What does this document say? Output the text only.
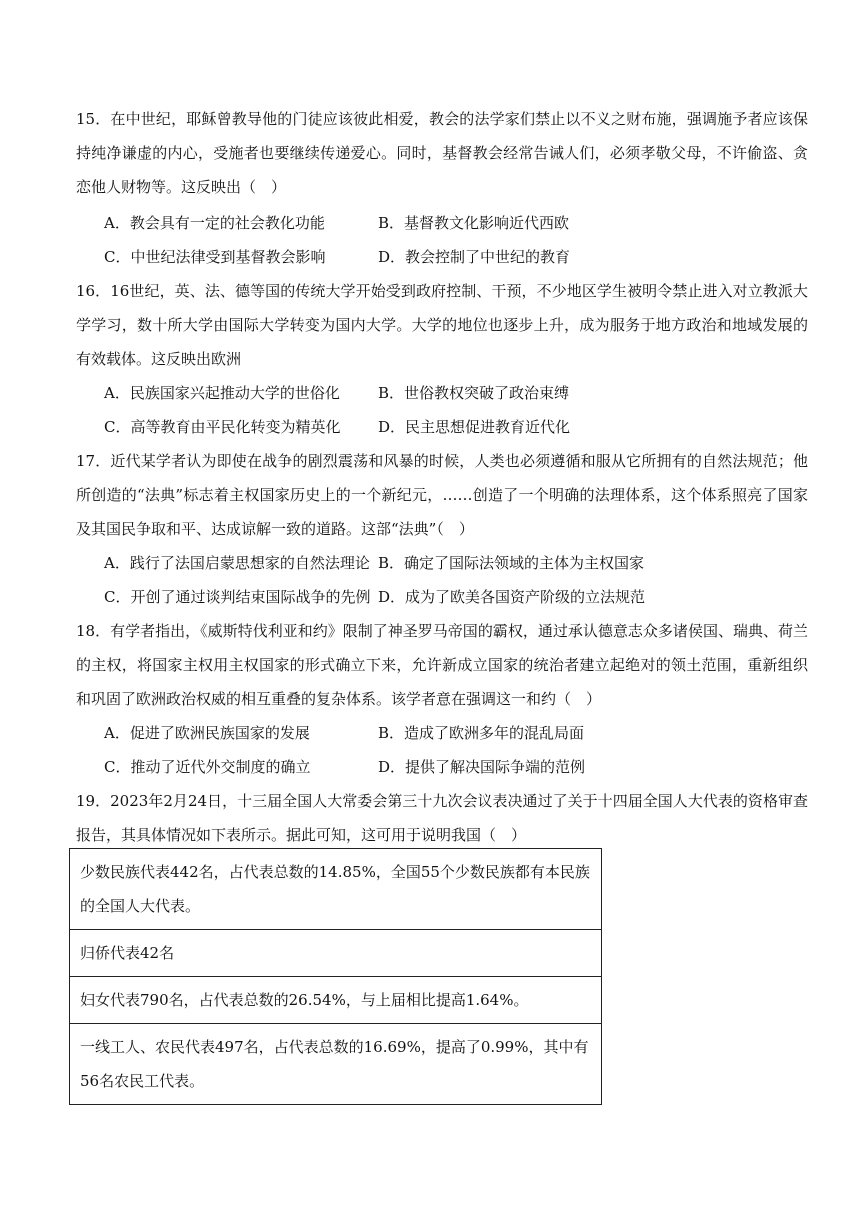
15．在中世纪，耶稣曾教导他的门徒应该彼此相爱，教会的法学家们禁止以不义之财布施，强调施予者应该保持纯净谦虚的内心，受施者也要继续传递爱心。同时，基督教会经常告诫人们，必须孝敬父母，不许偷盗、贪恋他人财物等。这反映出（　）

A．教会具有一定的社会教化功能	B．基督教文化影响近代西欧
C．中世纪法律受到基督教会影响	D．教会控制了中世纪的教育

16．16世纪，英、法、德等国的传统大学开始受到政府控制、干预，不少地区学生被明令禁止进入对立教派大学学习，数十所大学由国际大学转变为国内大学。大学的地位也逐步上升，成为服务于地方政治和地域发展的有效载体。这反映出欧洲

A．民族国家兴起推动大学的世俗化	B．世俗教权突破了政治束缚
C．高等教育由平民化转变为精英化	D．民主思想促进教育近代化

17．近代某学者认为即使在战争的剧烈震荡和风暴的时候，人类也必须遵循和服从它所拥有的自然法规范；他所创造的“法典”标志着主权国家历史上的一个新纪元，……创造了一个明确的法理体系，这个体系照亮了国家及其国民争取和平、达成谅解一致的道路。这部“法典”（　）

A．践行了法国启蒙思想家的自然法理论 B．确定了国际法领域的主体为主权国家
C．开创了通过谈判结束国际战争的先例 D．成为了欧美各国资产阶级的立法规范

18．有学者指出，《威斯特伐利亚和约》限制了神圣罗马帝国的霸权，通过承认德意志众多诸侯国、瑞典、荷兰的主权，将国家主权用主权国家的形式确立下来，允许新成立国家的统治者建立起绝对的领土范围，重新组织和巩固了欧洲政治权威的相互重叠的复杂体系。该学者意在强调这一和约（　）

A．促进了欧洲民族国家的发展	B．造成了欧洲多年的混乱局面
C．推动了近代外交制度的确立	D．提供了解决国际争端的范例

19．2023年2月24日，十三届全国人大常委会第三十九次会议表决通过了关于十四届全国人大代表的资格审查报告，其具体情况如下表所示。据此可知，这可用于说明我国（　）

少数民族代表442名，占代表总数的14.85%，全国55个少数民族都有本民族的全国人大代表。
归侨代表42名
妇女代表790名，占代表总数的26.54%，与上届相比提高1.64%。
一线工人、农民代表497名，占代表总数的16.69%，提高了0.99%，其中有56名农民工代表。
